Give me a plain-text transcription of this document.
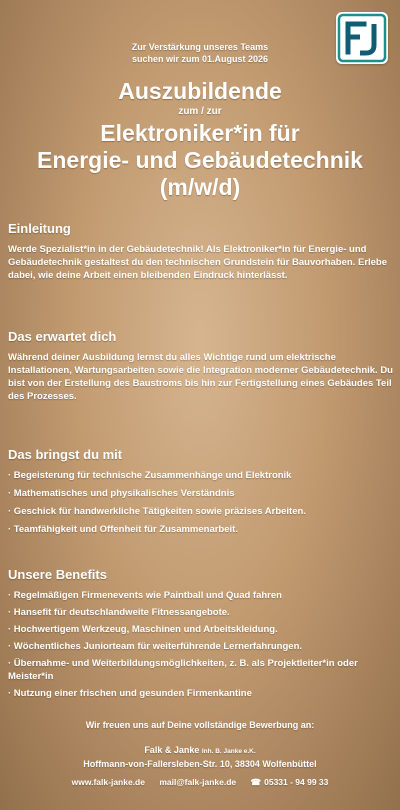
Zur Verstärkung unseres Teams
suchen wir zum 01.August 2026
Auszubildende
zum / zur
Elektroniker*in für
Energie- und Gebäudetechnik
(m/w/d)
Einleitung

Werde Spezialist*in in der Gebäudetechnik! Als Elektroniker*in für Energie- und Gebäudetechnik gestaltest du den technischen Grundstein für Bauvorhaben. Erlebe dabei, wie deine Arbeit einen bleibenden Eindruck hinterlässt.

Das erwartet dich

Während deiner Ausbildung lernst du alles Wichtige rund um elektrische Installationen, Wartungsarbeiten sowie die Integration moderner Gebäudetechnik. Du bist von der Erstellung des Baustroms bis hin zur Fertigstellung eines Gebäudes Teil des Prozesses.

Das bringst du mit
· Begeisterung für technische Zusammenhänge und Elektronik
· Mathematisches und physikalisches Verständnis
· Geschick für handwerkliche Tätigkeiten sowie präzises Arbeiten.
· Teamfähigkeit und Offenheit für Zusammenarbeit.
Unsere Benefits
· Regelmäßigen Firmenevents wie Paintball und Quad fahren
· Hansefit für deutschlandweite Fitnessangebote.
· Hochwertigem Werkzeug, Maschinen und Arbeitskleidung.
· Wöchentliches Juniorteam für weiterführende Lernerfahrungen.
· Übernahme- und Weiterbildungsmöglichkeiten, z. B. als Projektleiter*in oder Meister*in
· Nutzung einer frischen und gesunden Firmenkantine
Wir freuen uns auf Deine vollständige Bewerbung an:
Falk & Janke Inh. B. Janke e.K.
Hoffmann-von-Fallersleben-Str. 10, 38304 Wolfenbüttel
www.falk-janke.de mail@falk-janke.de ☎ 05331 - 94 99 33
